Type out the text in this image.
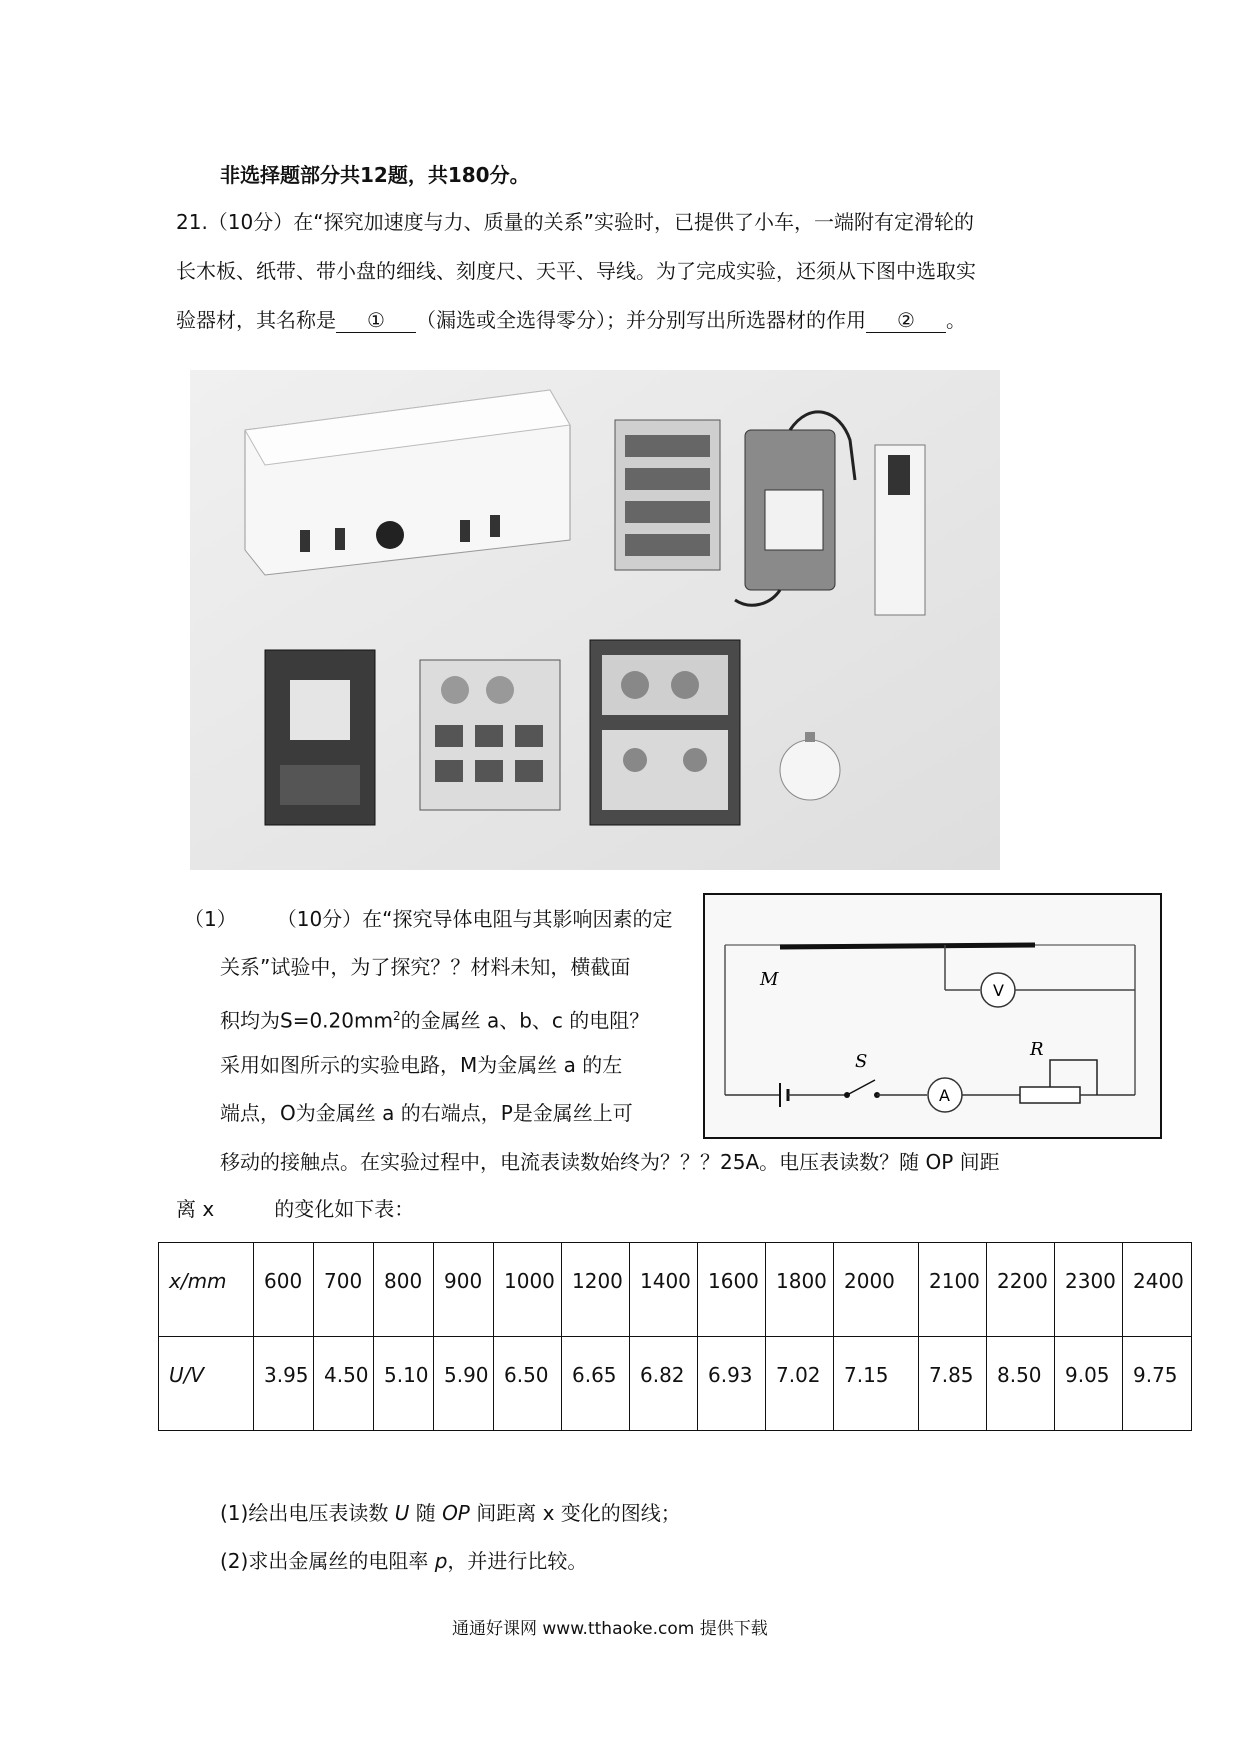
非选择题部分共12题，共180分。
21.（10分）在“探究加速度与力、质量的关系”实验时，已提供了小车，一端附有定滑轮的
长木板、纸带、带小盘的细线、刻度尺、天平、导线。为了完成实验，还须从下图中选取实
验器材，其名称是 ① （漏选或全选得零分）；并分别写出所选器材的作用 ② 。
（1） （10分）在“探究导体电阻与其影响因素的定
关系”试验中，为了探究？？材料未知，横截面
积均为$S=0.20mm^2$的金属丝 a、b、c 的电阻？
采用如图所示的实验电路，M为金属丝 a 的左
端点，O为金属丝 a 的右端点，P是金属丝上可
移动的接触点。在实验过程中，电流表读数始终为？？？25A。电压表读数？随 OP 间距
离 x	的变化如下表：
V
M
S
A
R
x/mm	600	700	800	900	1000	1200	1400	1600	1800	2000	2100	2200	2300	2400
U/V	3.95	4.50	5.10	5.90	6.50	6.65	6.82	6.93	7.02	7.15	7.85	8.50	9.05	9.75
(1)绘出电压表读数 U 随 OP 间距离 x 变化的图线；
(2)求出金属丝的电阻率 p，并进行比较。
通通好课网 www.tthaoke.com 提供下载
